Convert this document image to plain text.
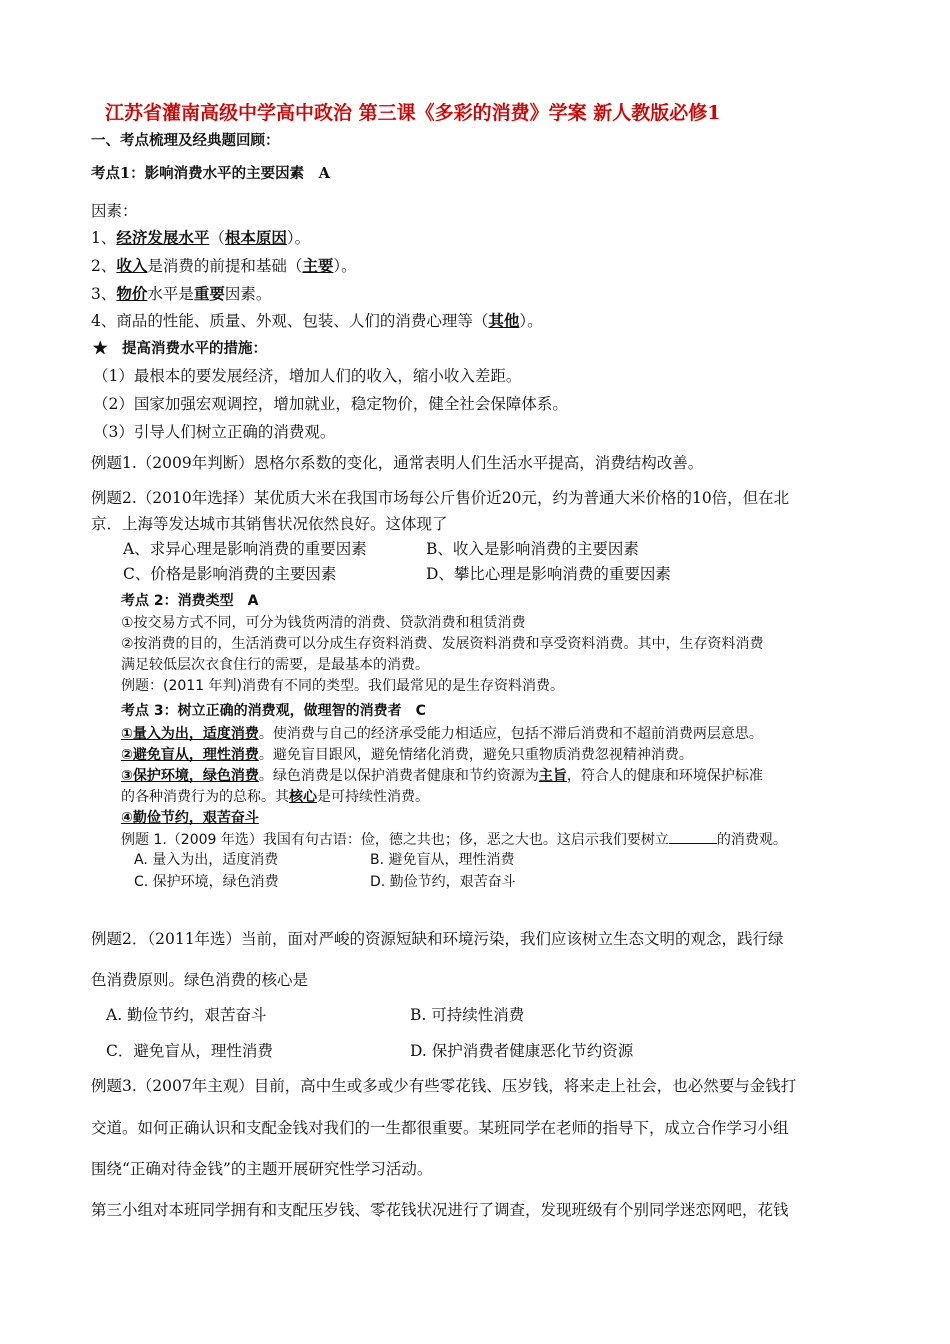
江苏省灌南高级中学高中政治 第三课《多彩的消费》学案 新人教版必修1
一、考点梳理及经典题回顾：
考点1：影响消费水平的主要因素　A
因素：
1、经济发展水平（根本原因）。
2、收入是消费的前提和基础（主要）。
3、物价水平是重要因素。
4、商品的性能、质量、外观、包装、人们的消费心理等（其他）。
★　提高消费水平的措施：
（1）最根本的要发展经济，增加人们的收入，缩小收入差距。
（2）国家加强宏观调控，增加就业，稳定物价，健全社会保障体系。
（3）引导人们树立正确的消费观。
例题1.（2009年判断）恩格尔系数的变化，通常表明人们生活水平提高，消费结构改善。
例题2.（2010年选择）某优质大米在我国市场每公斤售价近20元，约为普通大米价格的10倍，但在北
京．上海等发达城市其销售状况依然良好。这体现了
A、求异心理是影响消费的重要因素	B、收入是影响消费的主要因素
C、价格是影响消费的主要因素	D、攀比心理是影响消费的重要因素
考点 2：消费类型　A
①按交易方式不同，可分为钱货两清的消费、贷款消费和租赁消费
②按消费的目的，生活消费可以分成生存资料消费、发展资料消费和享受资料消费。其中，生存资料消费
满足较低层次衣食住行的需要，是最基本的消费。
例题：(2011 年判)消费有不同的类型。我们最常见的是生存资料消费。
考点 3：树立正确的消费观，做理智的消费者　C
①量入为出，适度消费。使消费与自己的经济承受能力相适应，包括不滞后消费和不超前消费两层意思。
②避免盲从，理性消费。避免盲目跟风，避免情绪化消费，避免只重物质消费忽视精神消费。
③保护环境，绿色消费。绿色消费是以保护消费者健康和节约资源为主旨，符合人的健康和环境保护标准
的各种消费行为的总称。其核心是可持续性消费。
④勤俭节约，艰苦奋斗
例题 1.（2009 年选）我国有句古语：俭，德之共也；侈，恶之大也。这启示我们要树立	的消费观。
A. 量入为出，适度消费	B. 避免盲从，理性消费
C. 保护环境，绿色消费	D. 勤俭节约，艰苦奋斗
例题2．（2011年选）当前，面对严峻的资源短缺和环境污染，我们应该树立生态文明的观念，践行绿
色消费原则。绿色消费的核心是
A. 勤俭节约，艰苦奋斗	B. 可持续性消费
C．避免盲从，理性消费	D. 保护消费者健康恶化节约资源
例题3.（2007年主观）目前，高中生或多或少有些零花钱、压岁钱，将来走上社会，也必然要与金钱打
交道。如何正确认识和支配金钱对我们的一生都很重要。某班同学在老师的指导下，成立合作学习小组
围绕“正确对待金钱”的主题开展研究性学习活动。
第三小组对本班同学拥有和支配压岁钱、零花钱状况进行了调查，发现班级有个别同学迷恋网吧，花钱
